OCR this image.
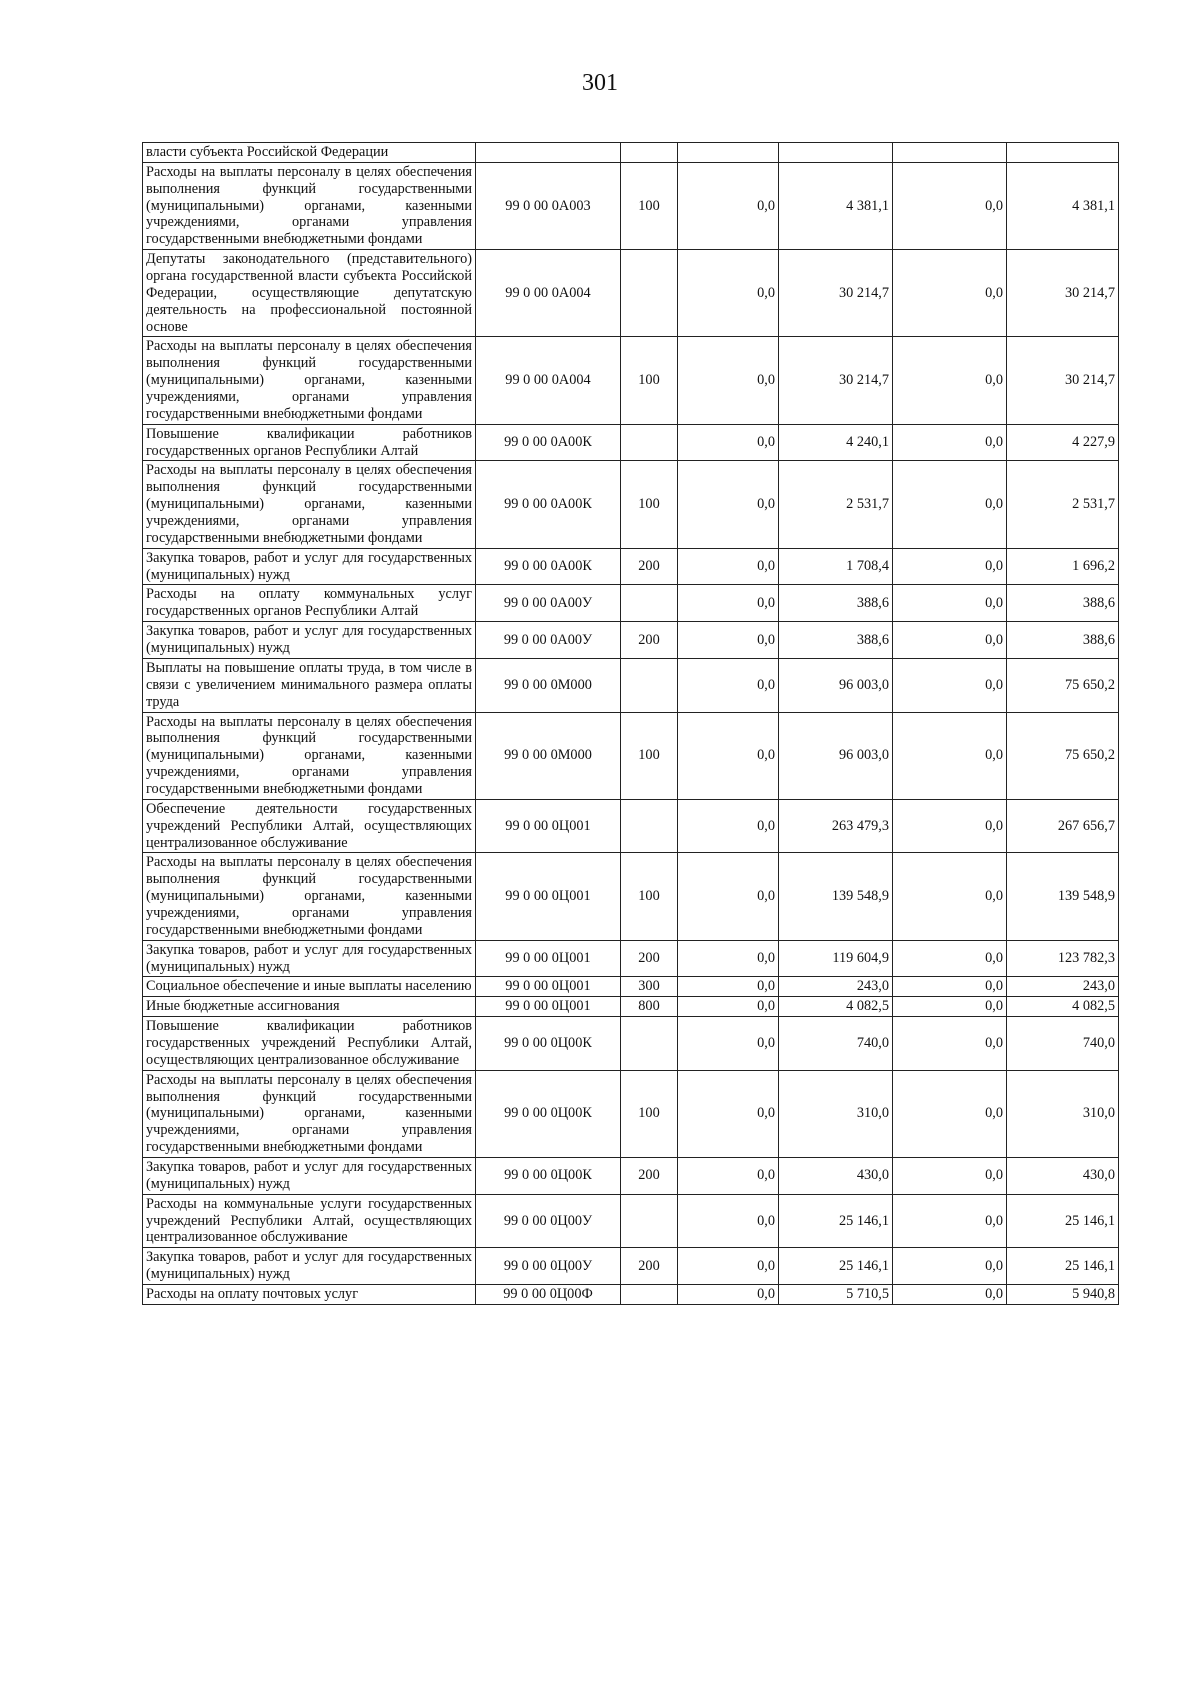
301
власти субъекта Российской Федерации						
Расходы на выплаты персоналу в целях обеспечения выполнения функций государственными (муниципальными) органами, казенными учреждениями, органами управления государственными внебюджетными фондами	99 0 00 0А003	100	0,0	4 381,1	0,0	4 381,1
Депутаты законодательного (представительного) органа государственной власти субъекта Российской Федерации, осуществляющие депутатскую деятельность на профессиональной постоянной основе	99 0 00 0А004		0,0	30 214,7	0,0	30 214,7
Расходы на выплаты персоналу в целях обеспечения выполнения функций государственными (муниципальными) органами, казенными учреждениями, органами управления государственными внебюджетными фондами	99 0 00 0А004	100	0,0	30 214,7	0,0	30 214,7
Повышение квалификации работников государственных органов Республики Алтай	99 0 00 0А00К		0,0	4 240,1	0,0	4 227,9
Расходы на выплаты персоналу в целях обеспечения выполнения функций государственными (муниципальными) органами, казенными учреждениями, органами управления государственными внебюджетными фондами	99 0 00 0А00К	100	0,0	2 531,7	0,0	2 531,7
Закупка товаров, работ и услуг для государственных (муниципальных) нужд	99 0 00 0А00К	200	0,0	1 708,4	0,0	1 696,2
Расходы на оплату коммунальных услуг государственных органов Республики Алтай	99 0 00 0А00У		0,0	388,6	0,0	388,6
Закупка товаров, работ и услуг для государственных (муниципальных) нужд	99 0 00 0А00У	200	0,0	388,6	0,0	388,6
Выплаты на повышение оплаты труда, в том числе в связи с увеличением минимального размера оплаты труда	99 0 00 0М000		0,0	96 003,0	0,0	75 650,2
Расходы на выплаты персоналу в целях обеспечения выполнения функций государственными (муниципальными) органами, казенными учреждениями, органами управления государственными внебюджетными фондами	99 0 00 0М000	100	0,0	96 003,0	0,0	75 650,2
Обеспечение деятельности государственных учреждений Республики Алтай, осуществляющих централизованное обслуживание	99 0 00 0Ц001		0,0	263 479,3	0,0	267 656,7
Расходы на выплаты персоналу в целях обеспечения выполнения функций государственными (муниципальными) органами, казенными учреждениями, органами управления государственными внебюджетными фондами	99 0 00 0Ц001	100	0,0	139 548,9	0,0	139 548,9
Закупка товаров, работ и услуг для государственных (муниципальных) нужд	99 0 00 0Ц001	200	0,0	119 604,9	0,0	123 782,3
Социальное обеспечение и иные выплаты населению	99 0 00 0Ц001	300	0,0	243,0	0,0	243,0
Иные бюджетные ассигнования	99 0 00 0Ц001	800	0,0	4 082,5	0,0	4 082,5
Повышение квалификации работников государственных учреждений Республики Алтай, осуществляющих централизованное обслуживание	99 0 00 0Ц00К		0,0	740,0	0,0	740,0
Расходы на выплаты персоналу в целях обеспечения выполнения функций государственными (муниципальными) органами, казенными учреждениями, органами управления государственными внебюджетными фондами	99 0 00 0Ц00К	100	0,0	310,0	0,0	310,0
Закупка товаров, работ и услуг для государственных (муниципальных) нужд	99 0 00 0Ц00К	200	0,0	430,0	0,0	430,0
Расходы на коммунальные услуги государственных учреждений Республики Алтай, осуществляющих централизованное обслуживание	99 0 00 0Ц00У		0,0	25 146,1	0,0	25 146,1
Закупка товаров, работ и услуг для государственных (муниципальных) нужд	99 0 00 0Ц00У	200	0,0	25 146,1	0,0	25 146,1

Расходы на оплату почтовых услуг	99 0 00 0Ц00Ф		0,0	5 710,5	0,0	5 940,8
